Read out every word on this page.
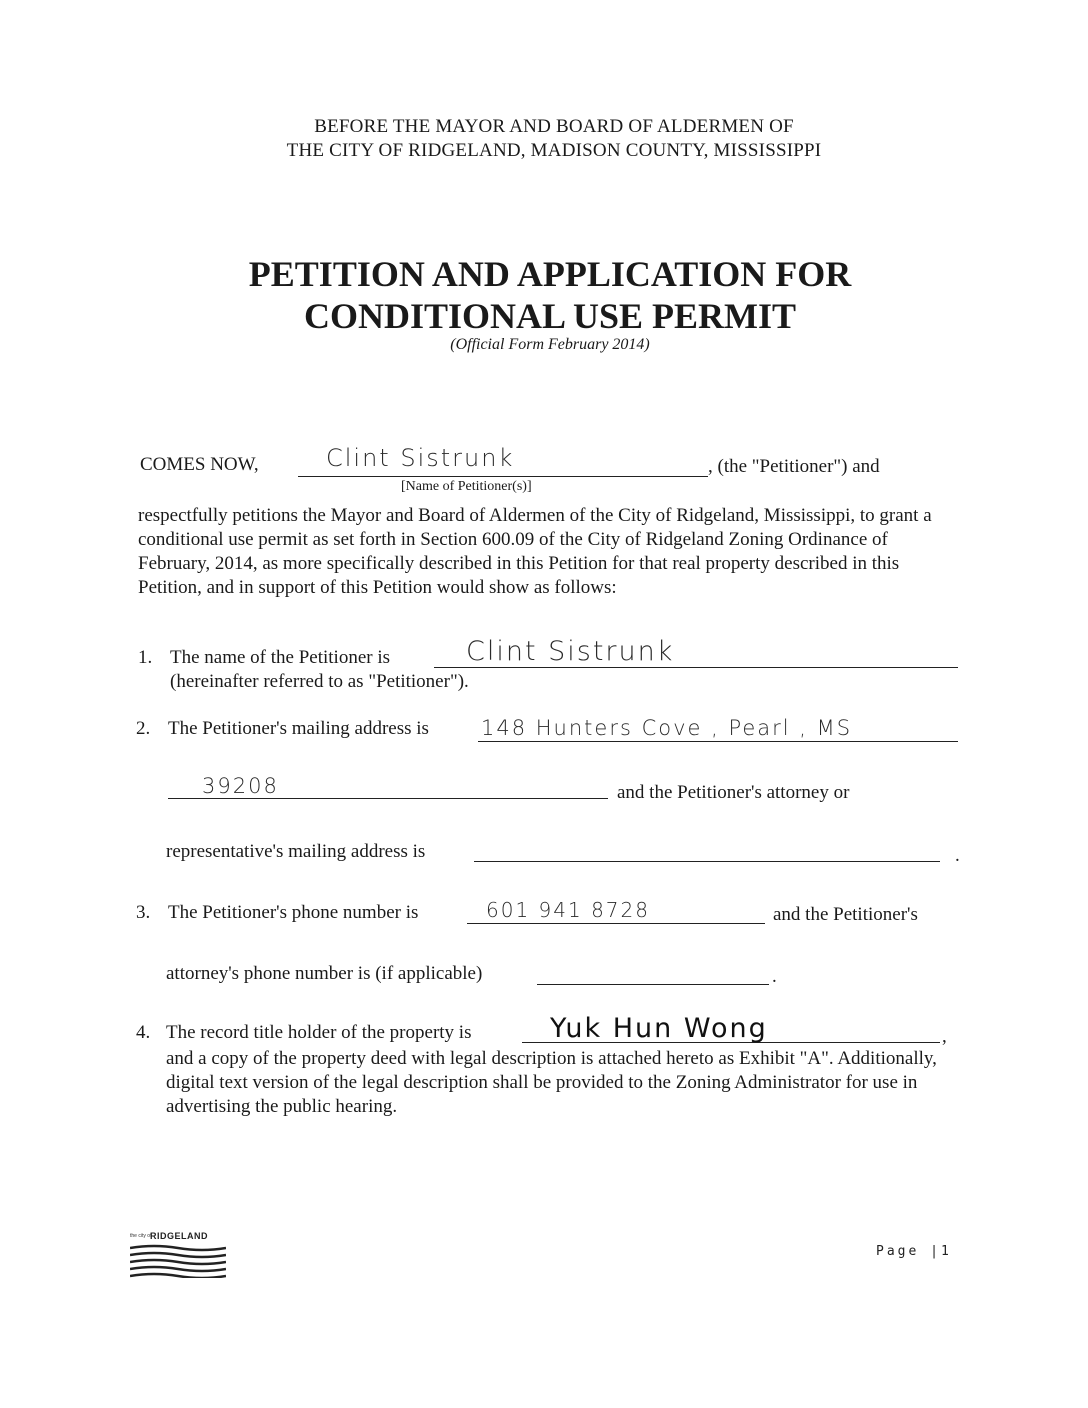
BEFORE THE MAYOR AND BOARD OF ALDERMEN OF
THE CITY OF RIDGELAND, MADISON COUNTY, MISSISSIPPI
PETITION AND APPLICATION FOR
CONDITIONAL USE PERMIT
(Official Form February 2014)
COMES NOW,	Clint Sistrunk	, (the "Petitioner") and
[Name of Petitioner(s)]
respectfully petitions the Mayor and Board of Aldermen of the City of Ridgeland, Mississippi, to grant a conditional use permit as set forth in Section 600.09 of the City of Ridgeland Zoning Ordinance of February, 2014, as more specifically described in this Petition for that real property described in this Petition, and in support of this Petition would show as follows:
1. The name of the Petitioner is	Clint Sistrunk
(hereinafter referred to as "Petitioner").
2. The Petitioner's mailing address is 148 Hunters Cove , Pearl , MS
39208	and the Petitioner's attorney or
representative's mailing address is	.
3. The Petitioner's phone number is	601 941 8728	and the Petitioner's
attorney's phone number is (if applicable)	.
4. The record title holder of the property is	Yuk Hun Wong	,
and a copy of the property deed with legal description is attached hereto as Exhibit "A". Additionally, digital text version of the legal description shall be provided to the Zoning Administrator for use in advertising the public hearing.
the city of
RIDGELAND
Page |1
